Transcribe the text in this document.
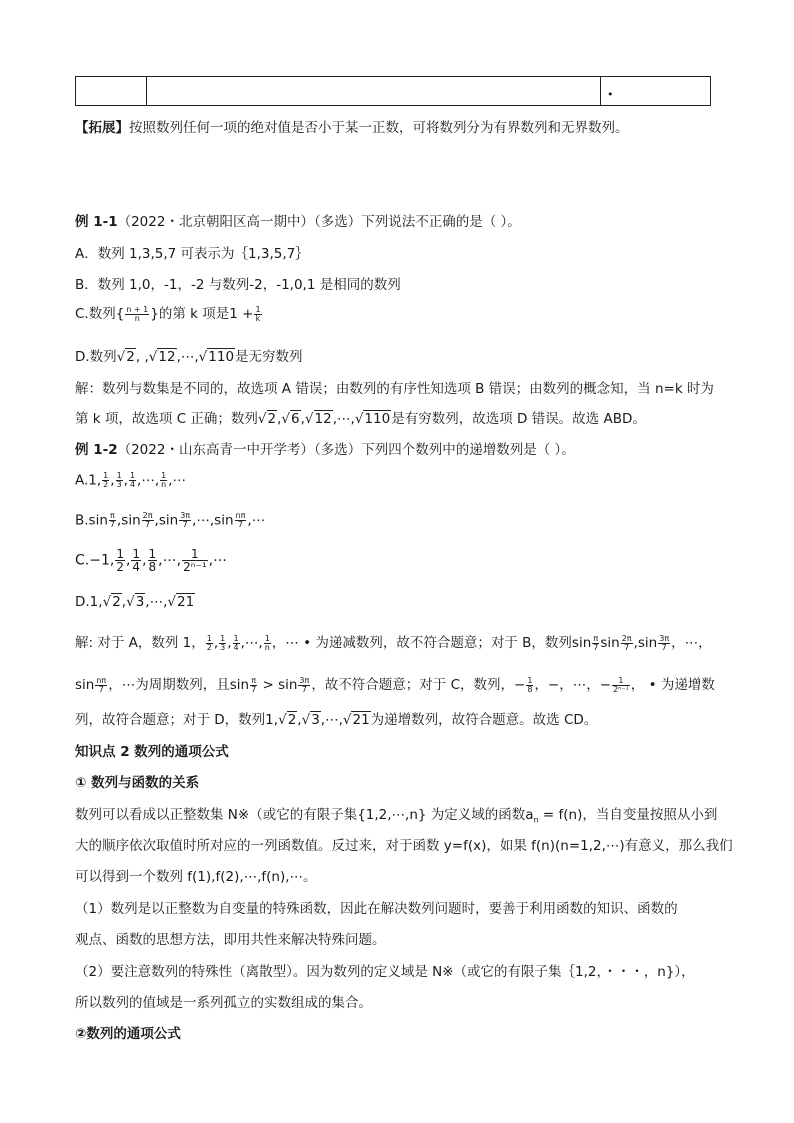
•
【拓展】按照数列任何一项的绝对值是否小于某一正数，可将数列分为有界数列和无界数列。
例 1-1（2022・北京朝阳区高一期中）（多选）下列说法不正确的是（ ）。
A．数列 1,3,5,7 可表示为｛1,3,5,7｝
B．数列 1,0，-1，-2 与数列-2，-1,0,1 是相同的数列
C.数列{ $\frac{n + 1}{n}$ }的第 k 项是$1 + \frac{1}{k}$
D.数列√2, ,√12,⋯,√110是无穷数列
解：数列与数集是不同的，故选项 A 错误；由数列的有序性知选项 B 错误；由数列的概念知，当 n=k 时为
第 k 项，故选项 C 正确；数列√2,√6,√12,⋯,√110是有穷数列，故选项 D 错误。故选 ABD。
例 1-2（2022・山东高青一中开学考）（多选）下列四个数列中的递增数列是（ ）。
A.1, $\frac{1}{2}$ , $\frac{1}{3}$ , $\frac{1}{4}$ ,⋯, $\frac{1}{n}$ ,⋯
$B.\sin \frac{\pi}{7} ,\sin \frac{2\pi}{7} ,\sin \frac{3\pi}{7}$ ,⋯,sin $\frac{n\pi}{7}$ ,⋯
C.−1, $\frac{1}{2}$ , $\frac{1}{4}$ , $\frac{1}{8}$ ,⋯, $\frac{1}{\text{2ⁿ⁻¹}}$ ,⋯
D.1,√2,√3,⋯,√21
解: 对于 A，数列 1， $\frac{1}{2}$ , $\frac{1}{3}$ , $\frac{1}{4}$ ,⋯, $\frac{1}{n}$ ，⋯ • 为递减数列，故不符合题意；对于 B，数列$\sin \frac{\pi}{7}$ $\sin \frac{2\pi}{7} ,\sin \frac{3\pi}{7}$ ，⋯，
$\sin \frac{n\pi}{7}$ ，⋯为周期数列，且$\sin \frac{\pi}{7} > \sin \frac{3\pi}{7}$ ，故不符合题意；对于 C，数列，− $\frac{1}{8}$ ，−，⋯，− $\frac{1}{\text{2ⁿ⁻¹}}$ ， • 为递增数
列，故符合题意；对于 D，数列1,√2,√3,⋯,√21为递增数列，故符合题意。故选 CD。
知识点 2 数列的通项公式
① 数列与函数的关系
数列可以看成以正整数集 N※（或它的有限子集{1,2,⋯,n} 为定义域的函数$a_n = f(n)$，当自变量按照从小到
大的顺序依次取值时所对应的一列函数值。反过来，对于函数 y=f(x)，如果 f(n)(n=1,2,⋯)有意义，那么我们
可以得到一个数列 f(1),f(2),⋯,f(n),⋯。
（1）数列是以正整数为自变量的特殊函数，因此在解决数列问题时，要善于利用函数的知识、函数的
观点、函数的思想方法，即用共性来解决特殊问题。
（2）要注意数列的特殊性（离散型）。因为数列的定义域是 N※（或它的有限子集｛1,2，・・・，n}），
所以数列的值域是一系列孤立的实数组成的集合。
②数列的通项公式
